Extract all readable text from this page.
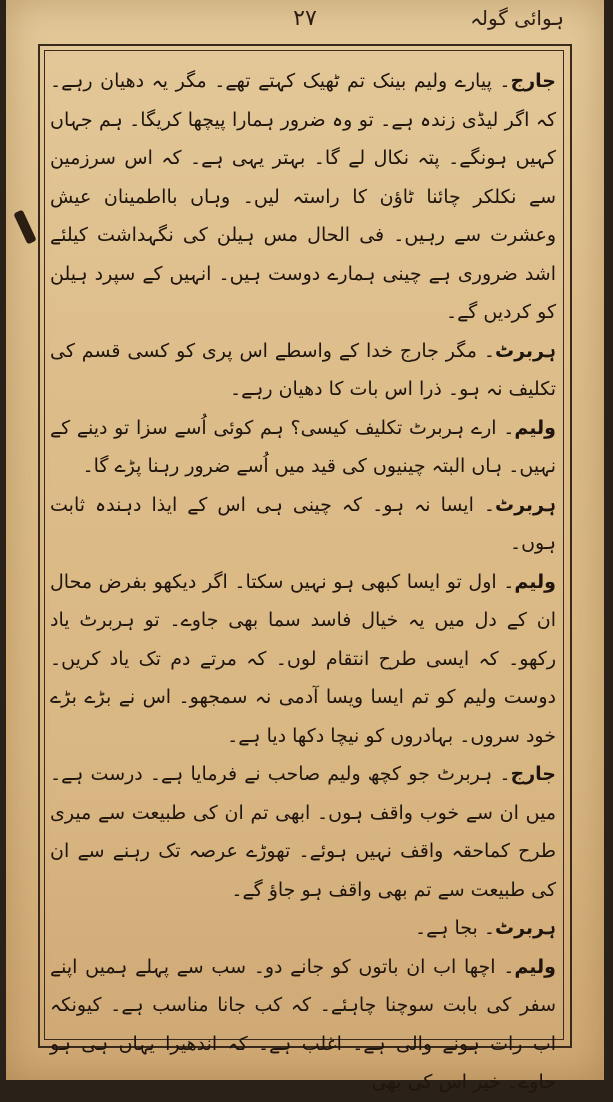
ہوائی گولہ
۲۷

جارج۔ پیارے ولیم بینک تم ٹھیک کہتے تھے۔ مگر یہ دھیان رہے۔ کہ اگر لیڈی زندہ ہے۔ تو وہ ضرور ہمارا پیچھا کریگا۔ ہم جہاں کہیں ہونگے۔ پتہ نکال لے گا۔ بہتر یہی ہے۔ کہ اس سرزمین سے نکلکر چائنا ٹاؤن کا راستہ لیں۔ وہاں بااطمینان عیش وعشرت سے رہیں۔ فی الحال مس ہیلن کی نگہداشت کیلئے اشد ضروری ہے چینی ہمارے دوست ہیں۔ انہیں کے سپرد ہیلن کو کردیں گے۔

ہربرٹ۔ مگر جارج خدا کے واسطے اس پری کو کسی قسم کی تکلیف نہ ہو۔ ذرا اس بات کا دھیان رہے۔

ولیم۔ ارے ہربرٹ تکلیف کیسی؟ ہم کوئی اُسے سزا تو دینے کے نہیں۔ ہاں البتہ چینیوں کی قید میں اُسے ضرور رہنا پڑے گا۔

ہربرٹ۔ ایسا نہ ہو۔ کہ چینی ہی اس کے ایذا دہندہ ثابت ہوں۔

ولیم۔ اول تو ایسا کبھی ہو نہیں سکتا۔ اگر دیکھو بفرض محال ان کے دل میں یہ خیال فاسد سما بھی جاوے۔ تو ہربرٹ یاد رکھو۔ کہ ایسی طرح انتقام لوں۔ کہ مرتے دم تک یاد کریں۔ دوست ولیم کو تم ایسا ویسا آدمی نہ سمجھو۔ اس نے بڑے بڑے خود سروں۔ بہادروں کو نیچا دکھا دیا ہے۔

جارج۔ ہربرٹ جو کچھ ولیم صاحب نے فرمایا ہے۔ درست ہے۔ میں ان سے خوب واقف ہوں۔ ابھی تم ان کی طبیعت سے میری طرح کماحقہ واقف نہیں ہوئے۔ تھوڑے عرصہ تک رہنے سے ان کی طبیعت سے تم بھی واقف ہو جاؤ گے۔

ہربرٹ۔ بجا ہے۔

ولیم۔ اچھا اب ان باتوں کو جانے دو۔ سب سے پہلے ہمیں اپنے سفر کی بابت سوچنا چاہئے۔ کہ کب جانا مناسب ہے۔ کیونکہ اب رات ہونے والی ہے۔ اغلب ہے۔ کہ اندھیرا یہاں ہی ہو جاوے۔ خیر اس کی بھی
